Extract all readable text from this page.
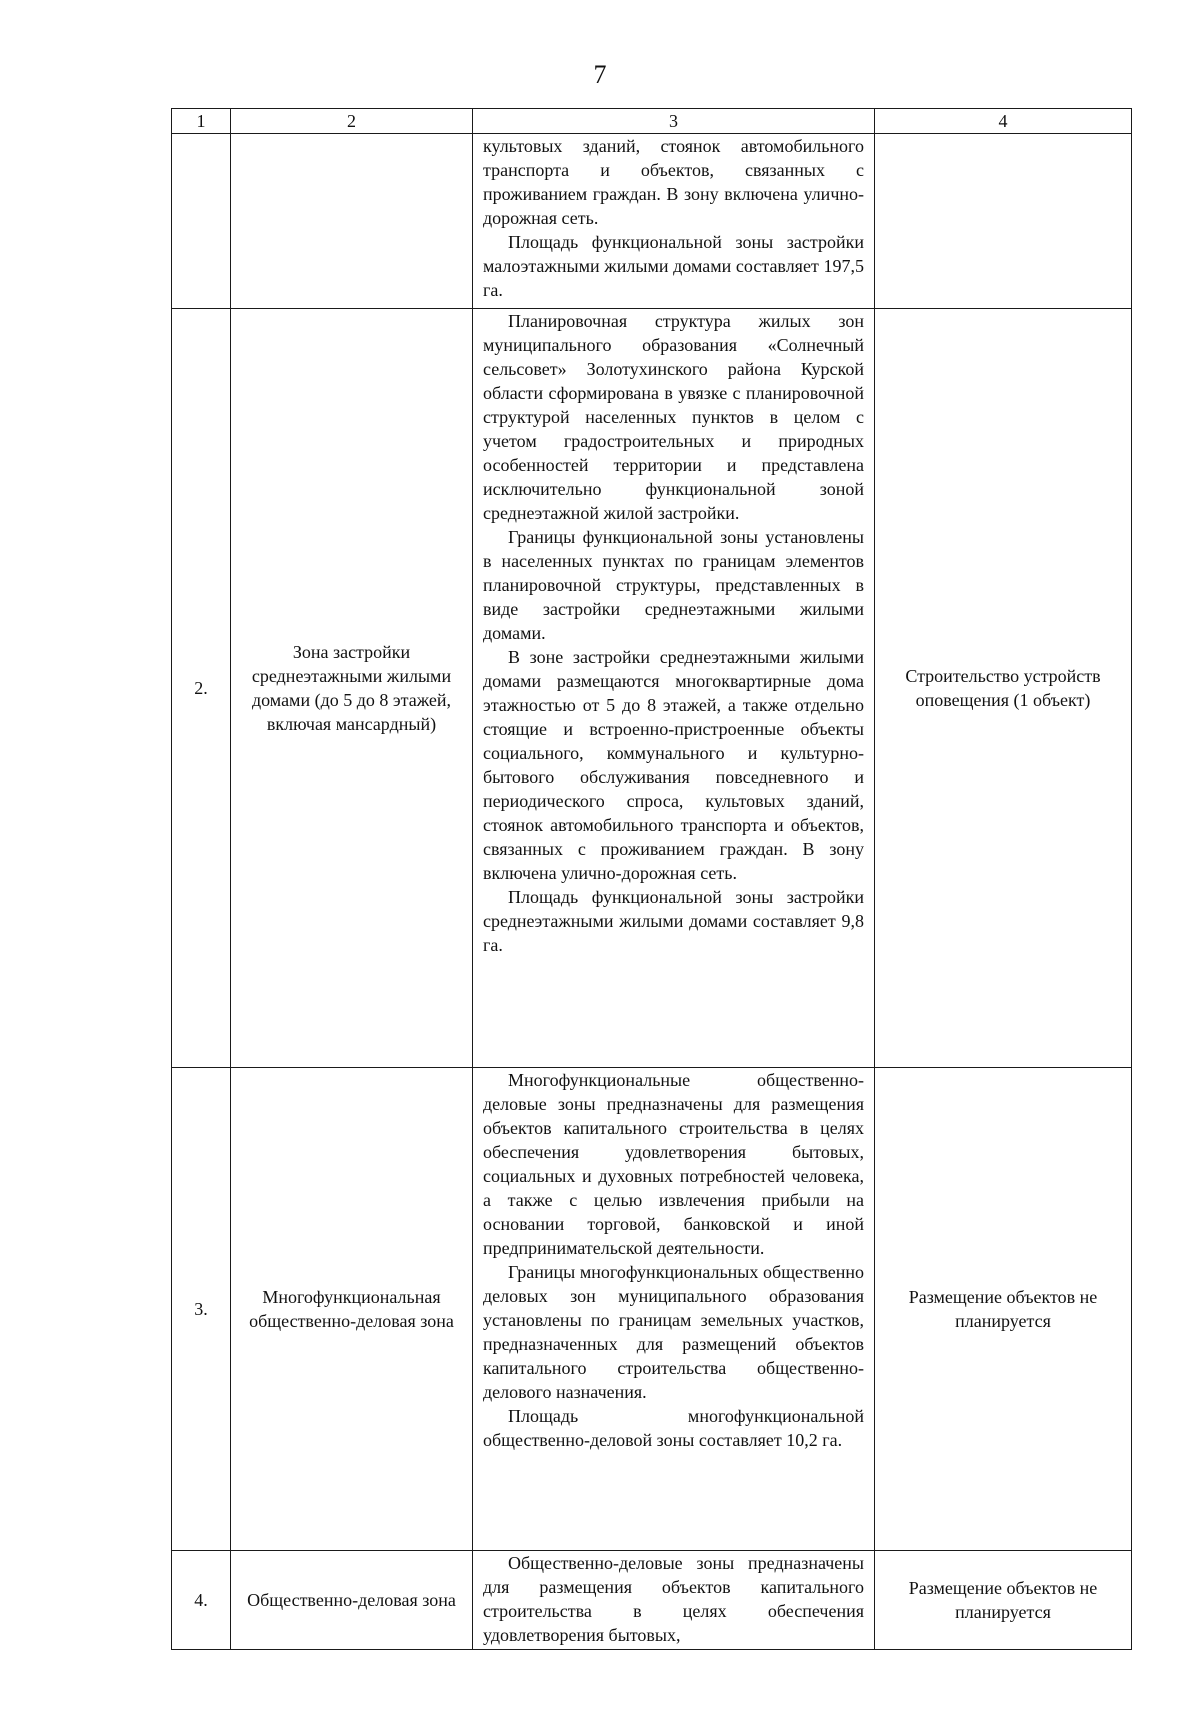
7
1	2	3	4

		культовых зданий, стоянок автомобильного транспорта и объектов, связанных с проживанием граждан. В зону включена улично-дорожная сеть.

Площадь функциональной зоны застройки малоэтажными жилыми домами составляет 197,5 га.	

2.	Зона застройки среднеэтажными жилыми домами (до 5 до 8 этажей, включая мансардный)	Планировочная структура жилых зон муниципального образования «Солнечный сельсовет» Золотухинского района Курской области сформирована в увязке с планировочной структурой населенных пунктов в целом с учетом градостроительных и природных особенностей территории и представлена исключительно функциональной зоной среднеэтажной жилой застройки.

Границы функциональной зоны установлены в населенных пунктах по границам элементов планировочной структуры, представленных в виде застройки среднеэтажными жилыми домами.

В зоне застройки среднеэтажными жилыми домами размещаются многоквартирные дома этажностью от 5 до 8 этажей, а также отдельно стоящие и встроенно-пристроенные объекты социального, коммунального и культурно-бытового обслуживания повседневного и периодического спроса, культовых зданий, стоянок автомобильного транспорта и объектов, связанных с проживанием граждан. В зону включена улично-дорожная сеть.

Площадь функциональной зоны застройки среднеэтажными жилыми домами составляет 9,8 га.	Строительство устройств оповещения (1 объект)
3.	Многофункциональная общественно-деловая зона	Многофункциональные общественно-деловые зоны предназначены для размещения объектов капитального строительства в целях обеспечения удовлетворения бытовых, социальных и духовных потребностей человека, а также с целью извлечения прибыли на основании торговой, банковской и иной предпринимательской деятельности.

Границы многофункциональных общественно деловых зон муниципального образования установлены по границам земельных участков, предназначенных для размещений объектов капитального строительства общественно-делового назначения.

Площадь многофункциональной общественно-деловой зоны составляет 10,2 га.	Размещение объектов не планируется
4.	Общественно-деловая зона	Общественно-деловые зоны предназначены для размещения объектов капитального строительства в целях обеспечения удовлетворения бытовых,	Размещение объектов не планируется
